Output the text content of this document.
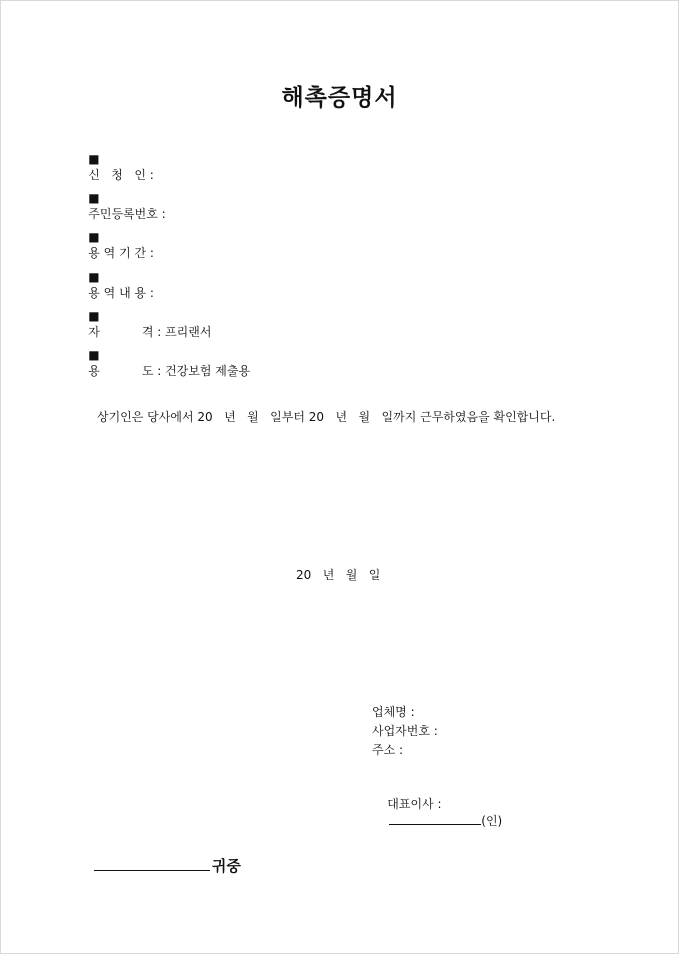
해촉증명서

■
신   청   인 :

■
주민등록번호 :

■
용 역 기 간 :

■
용 역 내 용 :

■
자           격 : 프리랜서

■
용           도 : 건강보험 제출용

상기인은 당사에서 20   년   월   일부터 20   년   월   일까지 근무하였음을 확인합니다.
20   년   월   일
업체명 :
사업자번호 :
주소 :

대표이사 :
(인)

귀중
